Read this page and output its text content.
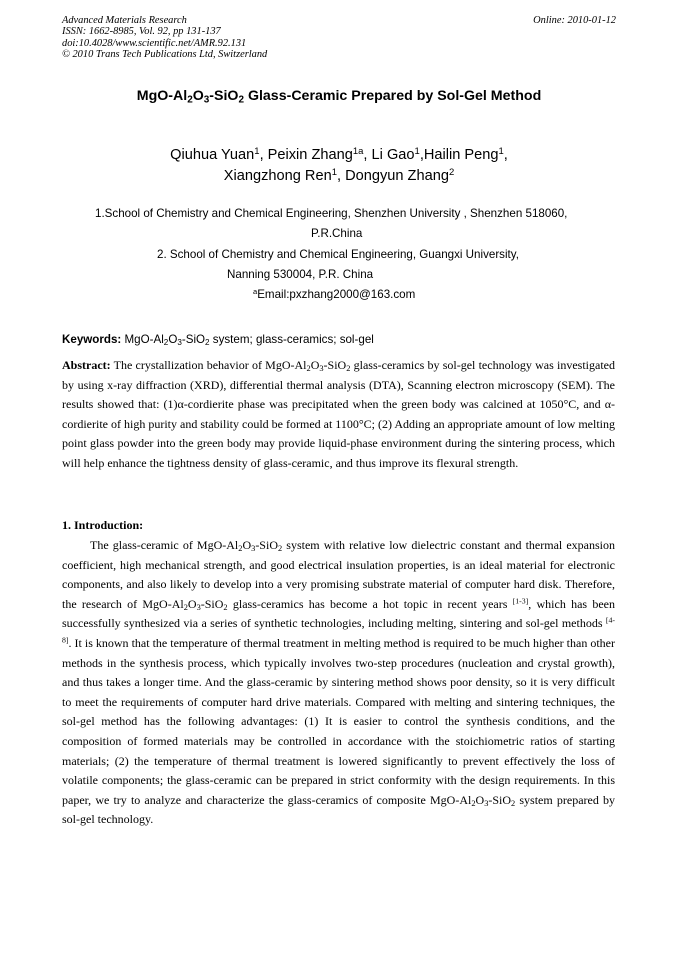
Advanced Materials Research
ISSN: 1662-8985, Vol. 92, pp 131-137
doi:10.4028/www.scientific.net/AMR.92.131
© 2010 Trans Tech Publications Ltd, Switzerland
Online: 2010-01-12
MgO-$Al_2O_3-SiO_2$ Glass-Ceramic Prepared by Sol-Gel Method
Qiuhua Yuan$^1$, Peixin Zhang$^{1a}$, Li Gao$^1$,Hailin Peng$^1$,
Xiangzhong Ren$^1$, Dongyun Zhang$^2$
1.School of Chemistry and Chemical Engineering, Shenzhen University , Shenzhen 518060,
P.R.China
2. School of Chemistry and Chemical Engineering, Guangxi University,
Nanning 530004, P.R. China
$^a$Email:pxzhang2000@163.com
Keywords: MgO-$Al_2O_3-SiO_2$ system; glass-ceramics; sol-gel
Abstract: The crystallization behavior of MgO-$Al_2O_3-SiO_2$ glass-ceramics by sol-gel technology was investigated by using x-ray diffraction (XRD), differential thermal analysis (DTA), Scanning electron microscopy (SEM). The results showed that: (1)α-cordierite phase was precipitated when the green body was calcined at 1050°C, and α-cordierite of high purity and stability could be formed at 1100°C; (2) Adding an appropriate amount of low melting point glass powder into the green body may provide liquid-phase environment during the sintering process, which will help enhance the tightness density of glass-ceramic, and thus improve its flexural strength.
1. Introduction:
The glass-ceramic of MgO-$Al_2O_3-SiO_2$ system with relative low dielectric constant and thermal expansion coefficient, high mechanical strength, and good electrical insulation properties, is an ideal material for electronic components, and also likely to develop into a very promising substrate material of computer hard disk. Therefore, the research of MgO-$Al_2O_3-SiO_2$ glass-ceramics has become a hot topic in recent years [1-3], which has been successfully synthesized via a series of synthetic technologies, including melting, sintering and sol-gel methods [4-8]. It is known that the temperature of thermal treatment in melting method is required to be much higher than other methods in the synthesis process, which typically involves two-step procedures (nucleation and crystal growth), and thus takes a longer time. And the glass-ceramic by sintering method shows poor density, so it is very difficult to meet the requirements of computer hard drive materials. Compared with melting and sintering techniques, the sol-gel method has the following advantages: (1) It is easier to control the synthesis conditions, and the composition of formed materials may be controlled in accordance with the stoichiometric ratios of starting materials; (2) the temperature of thermal treatment is lowered significantly to prevent effectively the loss of volatile components; the glass-ceramic can be prepared in strict conformity with the design requirements. In this paper, we try to analyze and characterize the glass-ceramics of composite MgO-$Al_2O_3-SiO_2$ system prepared by sol-gel technology.
